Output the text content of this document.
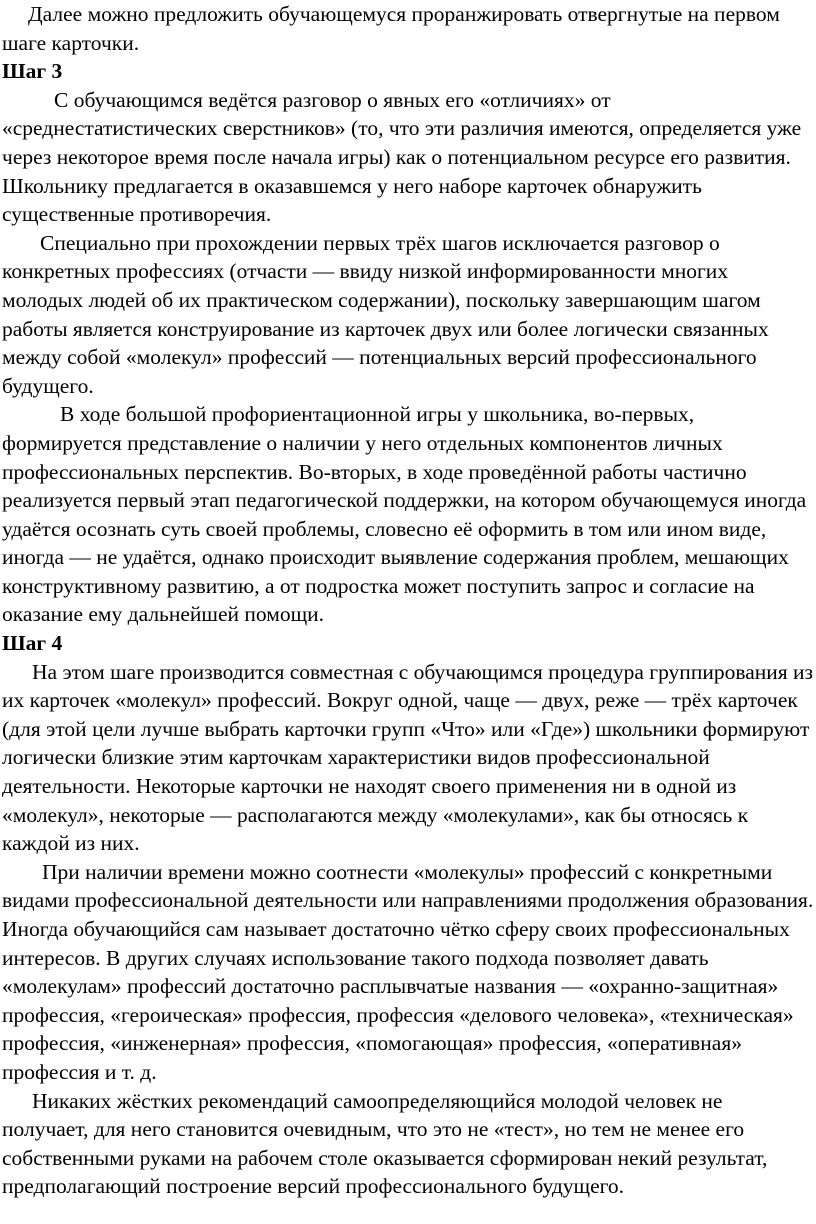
Далее можно предложить обучающемуся проранжировать отвергнутые на первом шаге карточки.

Шаг 3

С обучающимся ведётся разговор о явных его «отличиях» от «среднестатистических сверстников» (то, что эти различия имеются, определяется уже через некоторое время после начала игры) как о потенциальном ресурсе его развития. Школьнику предлагается в оказавшемся у него наборе карточек обнаружить существенные противоречия.

Специально при прохождении первых трёх шагов исключается разговор о конкретных профессиях (отчасти — ввиду низкой информированности многих молодых людей об их практическом содержании), поскольку завершающим шагом работы является конструирование из карточек двух или более логически связанных между собой «молекул» профессий — потенциальных версий профессионального будущего.

В ходе большой профориентационной игры у школьника, во-первых, формируется представление о наличии у него отдельных компонентов личных профессиональных перспектив. Во-вторых, в ходе проведённой работы частично реализуется первый этап педагогической поддержки, на котором обучающемуся иногда удаётся осознать суть своей проблемы, словесно её оформить в том или ином виде, иногда — не удаётся, однако происходит выявление содержания проблем, мешающих конструктивному развитию, а от подростка может поступить запрос и согласие на оказание ему дальнейшей помощи.

Шаг 4

На этом шаге производится совместная с обучающимся процедура группирования из их карточек «молекул» профессий. Вокруг одной, чаще — двух, реже — трёх карточек (для этой цели лучше выбрать карточки групп «Что» или «Где») школьники формируют логически близкие этим карточкам характеристики видов профессиональной деятельности. Некоторые карточки не находят своего применения ни в одной из «молекул», некоторые — располагаются между «молекулами», как бы относясь к каждой из них.

При наличии времени можно соотнести «молекулы» профессий с конкретными видами профессиональной деятельности или направлениями продолжения образования. Иногда обучающийся сам называет достаточно чётко сферу своих профессиональных интересов. В других случаях использование такого подхода позволяет давать «молекулам» профессий достаточно расплывчатые названия — «охранно-защитная» профессия, «героическая» профессия, профессия «делового человека», «техническая» профессия, «инженерная» профессия, «помогающая» профессия, «оперативная» профессия и т. д.

Никаких жёстких рекомендаций самоопределяющийся молодой человек не получает, для него становится очевидным, что это не «тест», но тем не менее его собственными руками на рабочем столе оказывается сформирован некий результат, предполагающий построение версий профессионального будущего.
